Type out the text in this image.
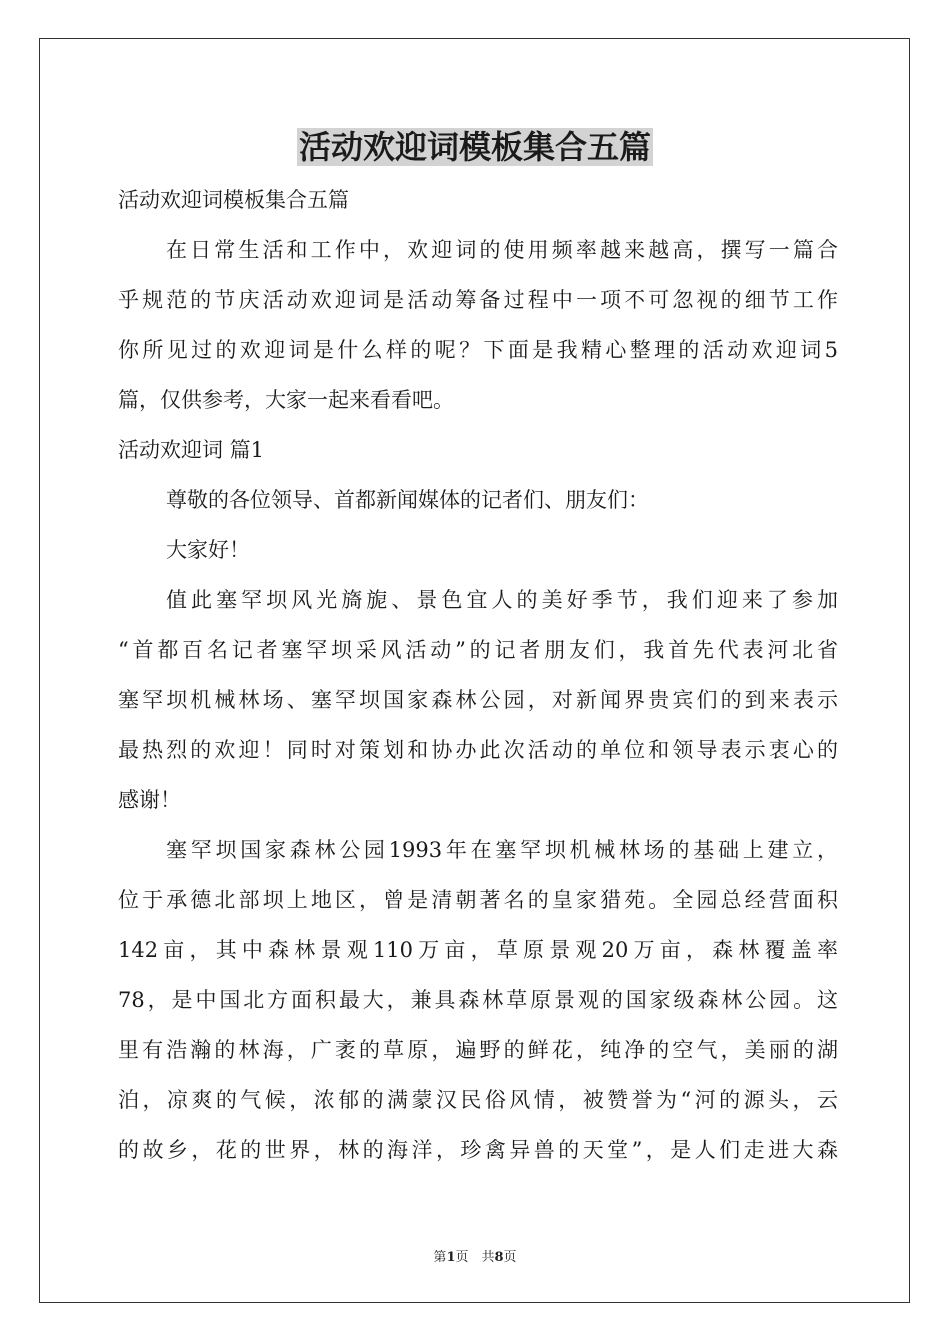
活动欢迎词模板集合五篇
活动欢迎词模板集合五篇
在日常生活和工作中，欢迎词的使用频率越来越高，撰写一篇合
乎规范的节庆活动欢迎词是活动筹备过程中一项不可忽视的细节工作
你所见过的欢迎词是什么样的呢？下面是我精心整理的活动欢迎词5
篇，仅供参考，大家一起来看看吧。
活动欢迎词 篇1
尊敬的各位领导、首都新闻媒体的记者们、朋友们：
大家好！
值此塞罕坝风光旖旎、景色宜人的美好季节，我们迎来了参加
“首都百名记者塞罕坝采风活动”的记者朋友们，我首先代表河北省
塞罕坝机械林场、塞罕坝国家森林公园，对新闻界贵宾们的到来表示
最热烈的欢迎！同时对策划和协办此次活动的单位和领导表示衷心的
感谢！
塞罕坝国家森林公园1993年在塞罕坝机械林场的基础上建立，
位于承德北部坝上地区，曾是清朝著名的皇家猎苑。全园总经营面积
142亩，其中森林景观110万亩，草原景观20万亩，森林覆盖率
78，是中国北方面积最大，兼具森林草原景观的国家级森林公园。这
里有浩瀚的林海，广袤的草原，遍野的鲜花，纯净的空气，美丽的湖
泊，凉爽的气候，浓郁的满蒙汉民俗风情，被赞誉为“河的源头，云
的故乡，花的世界，林的海洋，珍禽异兽的天堂”，是人们走进大森
第1页　共8页
